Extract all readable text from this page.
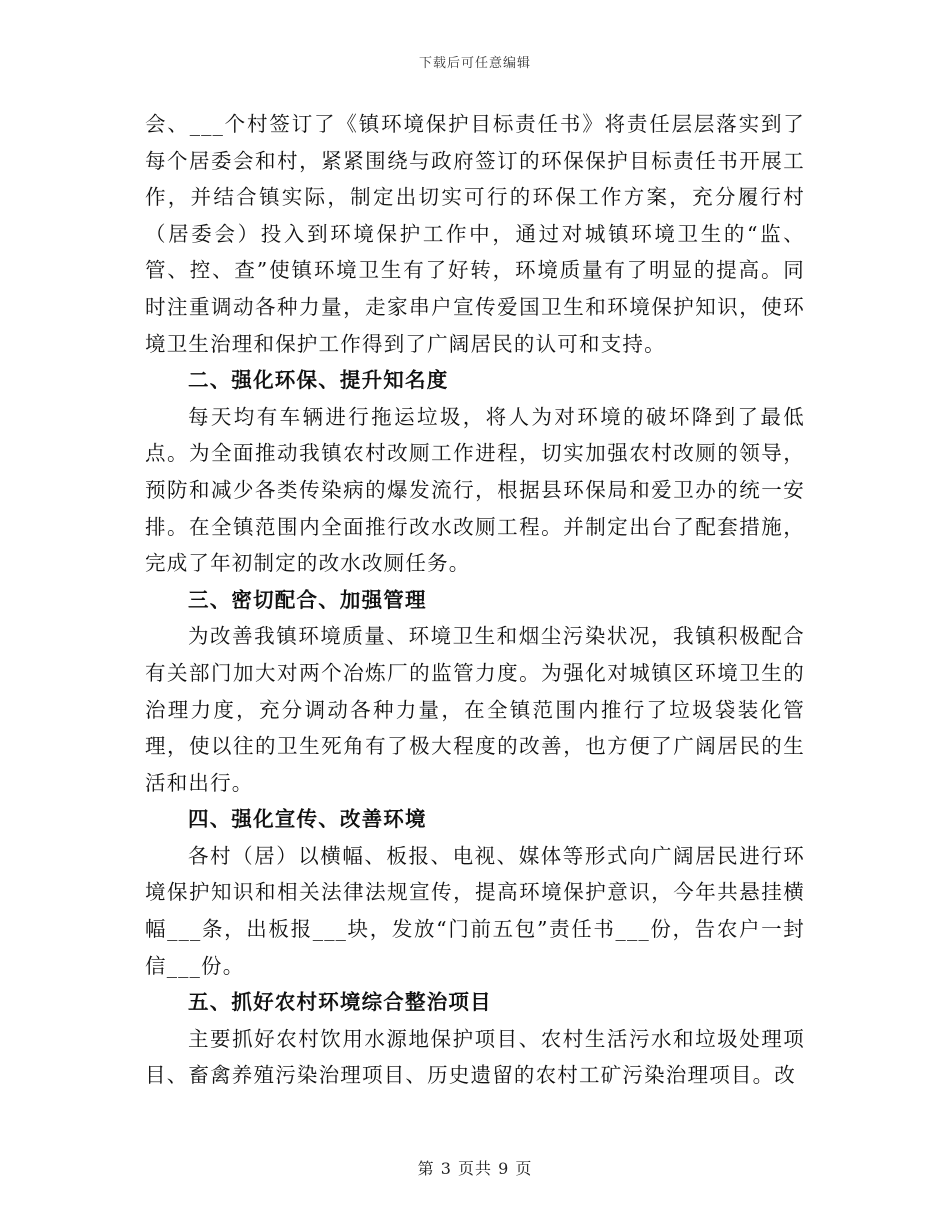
下载后可任意编辑

会、___个村签订了《镇环境保护目标责任书》将责任层层落实到了每个居委会和村，紧紧围绕与政府签订的环保保护目标责任书开展工作，并结合镇实际，制定出切实可行的环保工作方案，充分履行村（居委会）投入到环境保护工作中，通过对城镇环境卫生的“监、管、控、查”使镇环境卫生有了好转，环境质量有了明显的提高。同时注重调动各种力量，走家串户宣传爱国卫生和环境保护知识，使环境卫生治理和保护工作得到了广阔居民的认可和支持。

二、强化环保、提升知名度

每天均有车辆进行拖运垃圾，将人为对环境的破坏降到了最低点。为全面推动我镇农村改厕工作进程，切实加强农村改厕的领导，预防和减少各类传染病的爆发流行，根据县环保局和爱卫办的统一安排。在全镇范围内全面推行改水改厕工程。并制定出台了配套措施，完成了年初制定的改水改厕任务。

三、密切配合、加强管理

为改善我镇环境质量、环境卫生和烟尘污染状况，我镇积极配合有关部门加大对两个冶炼厂的监管力度。为强化对城镇区环境卫生的治理力度，充分调动各种力量，在全镇范围内推行了垃圾袋装化管理，使以往的卫生死角有了极大程度的改善，也方便了广阔居民的生活和出行。

四、强化宣传、改善环境

各村（居）以横幅、板报、电视、媒体等形式向广阔居民进行环境保护知识和相关法律法规宣传，提高环境保护意识，今年共悬挂横幅___条，出板报___块，发放“门前五包”责任书___份，告农户一封信___份。

五、抓好农村环境综合整治项目

主要抓好农村饮用水源地保护项目、农村生活污水和垃圾处理项目、畜禽养殖污染治理项目、历史遗留的农村工矿污染治理项目。改

第 3 页共 9 页
